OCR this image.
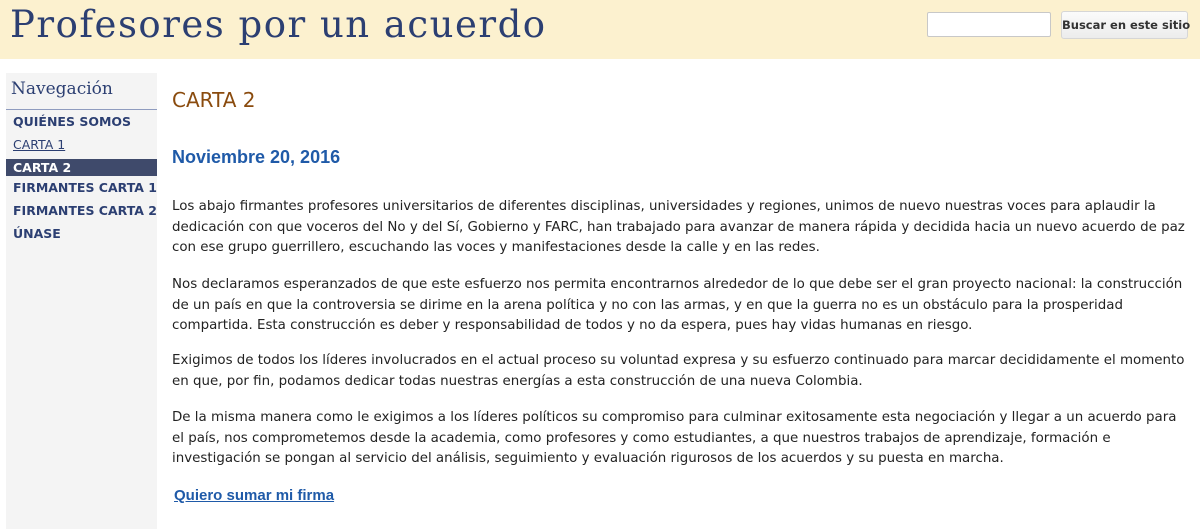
Profesores por un acuerdo	Buscar en este sitio
Navegación
QUIÉNES SOMOS
CARTA 1
CARTA 2
FIRMANTES CARTA 1
FIRMANTES CARTA 2
ÚNASE
CARTA 2
Noviembre 20, 2016

Los abajo firmantes profesores universitarios de diferentes disciplinas, universidades y regiones, unimos de nuevo nuestras voces para aplaudir la dedicación con que voceros del No y del Sí, Gobierno y FARC, han trabajado para avanzar de manera rápida y decidida hacia un nuevo acuerdo de paz con ese grupo guerrillero, escuchando las voces y manifestaciones desde la calle y en las redes.

Nos declaramos esperanzados de que este esfuerzo nos permita encontrarnos alrededor de lo que debe ser el gran proyecto nacional: la construcción de un país en que la controversia se dirime en la arena política y no con las armas, y en que la guerra no es un obstáculo para la prosperidad compartida. Esta construcción es deber y responsabilidad de todos y no da espera, pues hay vidas humanas en riesgo.

Exigimos de todos los líderes involucrados en el actual proceso su voluntad expresa y su esfuerzo continuado para marcar decididamente el momento en que, por fin, podamos dedicar todas nuestras energías a esta construcción de una nueva Colombia.

De la misma manera como le exigimos a los líderes políticos su compromiso para culminar exitosamente esta negociación y llegar a un acuerdo para el país, nos comprometemos desde la academia, como profesores y como estudiantes, a que nuestros trabajos de aprendizaje, formación e investigación se pongan al servicio del análisis, seguimiento y evaluación rigurosos de los acuerdos y su puesta en marcha.

Quiero sumar mi firma
